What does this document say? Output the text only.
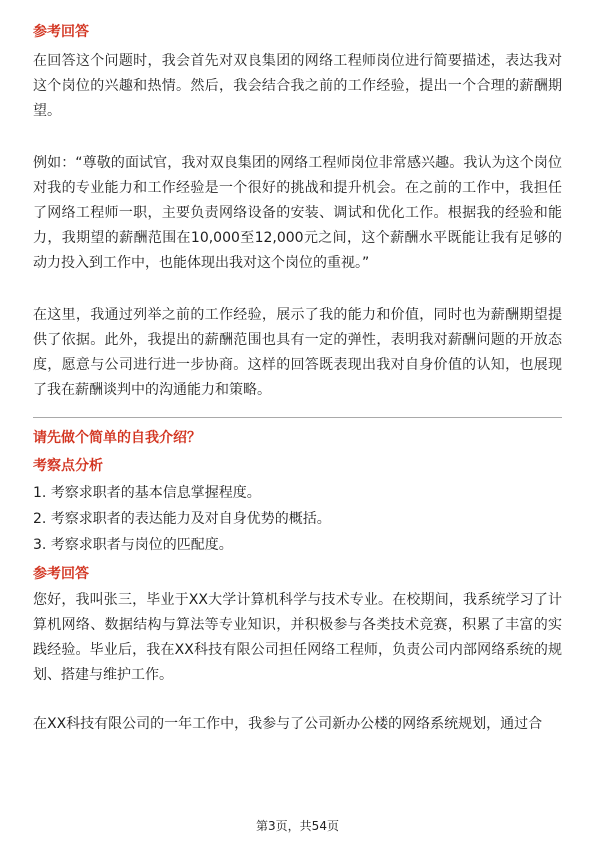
参考回答

在回答这个问题时，我会首先对双良集团的网络工程师岗位进行简要描述，表达我对这个岗位的兴趣和热情。然后，我会结合我之前的工作经验，提出一个合理的薪酬期望。

例如：“尊敬的面试官，我对双良集团的网络工程师岗位非常感兴趣。我认为这个岗位对我的专业能力和工作经验是一个很好的挑战和提升机会。在之前的工作中，我担任了网络工程师一职，主要负责网络设备的安装、调试和优化工作。根据我的经验和能力，我期望的薪酬范围在10,000至12,000元之间，这个薪酬水平既能让我有足够的动力投入到工作中，也能体现出我对这个岗位的重视。”

在这里，我通过列举之前的工作经验，展示了我的能力和价值，同时也为薪酬期望提供了依据。此外，我提出的薪酬范围也具有一定的弹性，表明我对薪酬问题的开放态度，愿意与公司进行进一步协商。这样的回答既表现出我对自身价值的认知，也展现了我在薪酬谈判中的沟通能力和策略。

请先做个简单的自我介绍？
考察点分析
1. 考察求职者的基本信息掌握程度。
2. 考察求职者的表达能力及对自身优势的概括。
3. 考察求职者与岗位的匹配度。
参考回答

您好，我叫张三，毕业于XX大学计算机科学与技术专业。在校期间，我系统学习了计算机网络、数据结构与算法等专业知识，并积极参与各类技术竞赛，积累了丰富的实践经验。毕业后，我在XX科技有限公司担任网络工程师，负责公司内部网络系统的规划、搭建与维护工作。

在XX科技有限公司的一年工作中，我参与了公司新办公楼的网络系统规划，通过合

第3页，共54页
